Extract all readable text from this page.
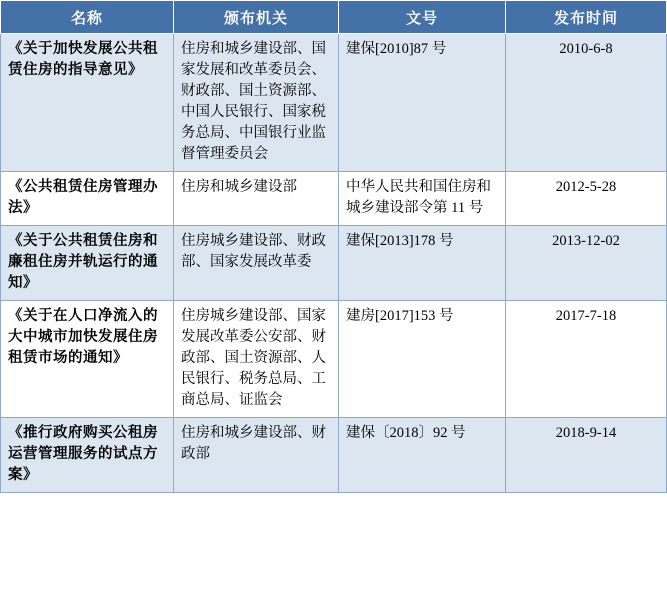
名称	颁布机关	文号	发布时间
《关于加快发展公共租赁住房的指导意见》	住房和城乡建设部、国家发展和改革委员会、财政部、国土资源部、中国人民银行、国家税务总局、中国银行业监督管理委员会	建保[2010]87 号	2010-6-8
《公共租赁住房管理办法》	住房和城乡建设部	中华人民共和国住房和城乡建设部令第 11 号	2012-5-28
《关于公共租赁住房和廉租住房并轨运行的通知》	住房城乡建设部、财政部、国家发展改革委	建保[2013]178 号	2013-12-02
《关于在人口净流入的大中城市加快发展住房租赁市场的通知》	住房城乡建设部、国家发展改革委公安部、财政部、国土资源部、人民银行、税务总局、工商总局、证监会	建房[2017]153 号	2017-7-18
《推行政府购买公租房运营管理服务的试点方案》	住房和城乡建设部、财政部	建保〔2018〕92 号	2018-9-14
